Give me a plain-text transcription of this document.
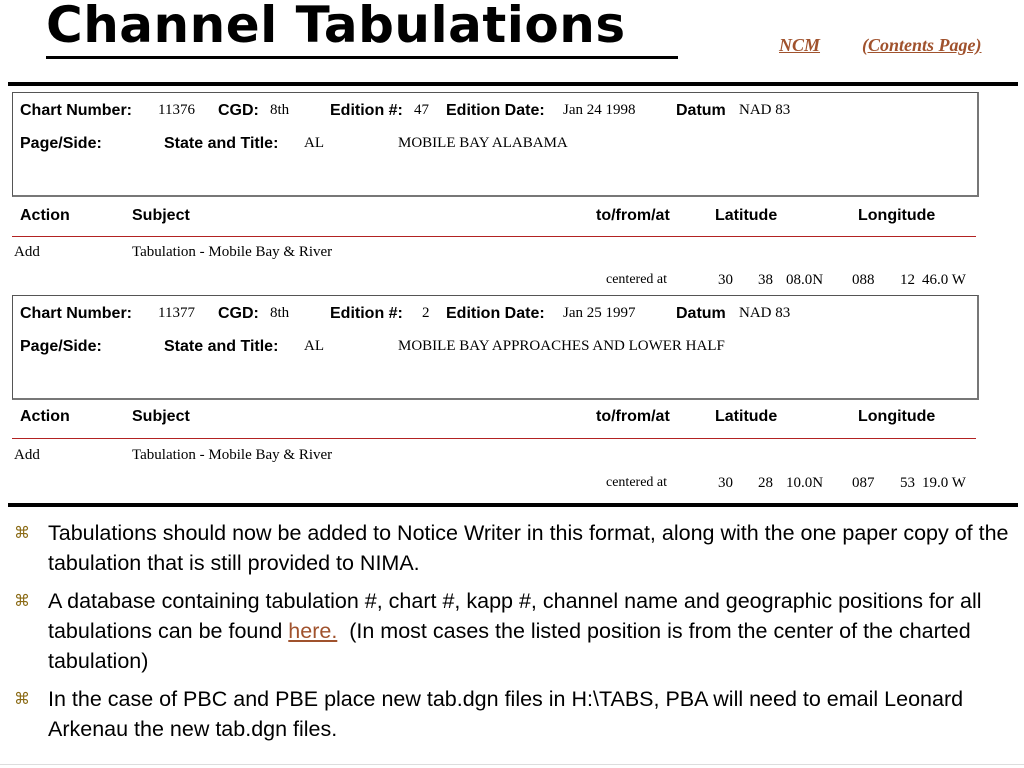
Channel Tabulations	NCM (Contents Page)
Chart Number: 11376 CGD: 8th	Edition #: 47 Edition Date: Jan 24 1998	Datum NAD 83
Page/Side:	State and Title: AL	MOBILE BAY ALABAMA
Action	Subject	to/from/at	Latitude	Longitude
Add	Tabulation - Mobile Bay & River
centered at	30 38 08.0N 088 12 46.0 W
Chart Number: 11377 CGD: 8th	Edition #: 2 Edition Date: Jan 25 1997	Datum NAD 83
Page/Side:	State and Title: AL	MOBILE BAY APPROACHES AND LOWER HALF
Action	Subject	to/from/at	Latitude	Longitude
Add	Tabulation - Mobile Bay & River
centered at	30 28 10.0N 087 53 19.0 W
⌘ Tabulations should now be added to Notice Writer in this format, along with the one paper copy of the tabulation that is still provided to NIMA.
⌘ A database containing tabulation #, chart #, kapp #, channel name and geographic positions for all tabulations can be found here.  (In most cases the listed position is from the center of the charted tabulation)
⌘ In the case of PBC and PBE place new tab.dgn files in H:\TABS, PBA will need to email Leonard Arkenau the new tab.dgn files.
